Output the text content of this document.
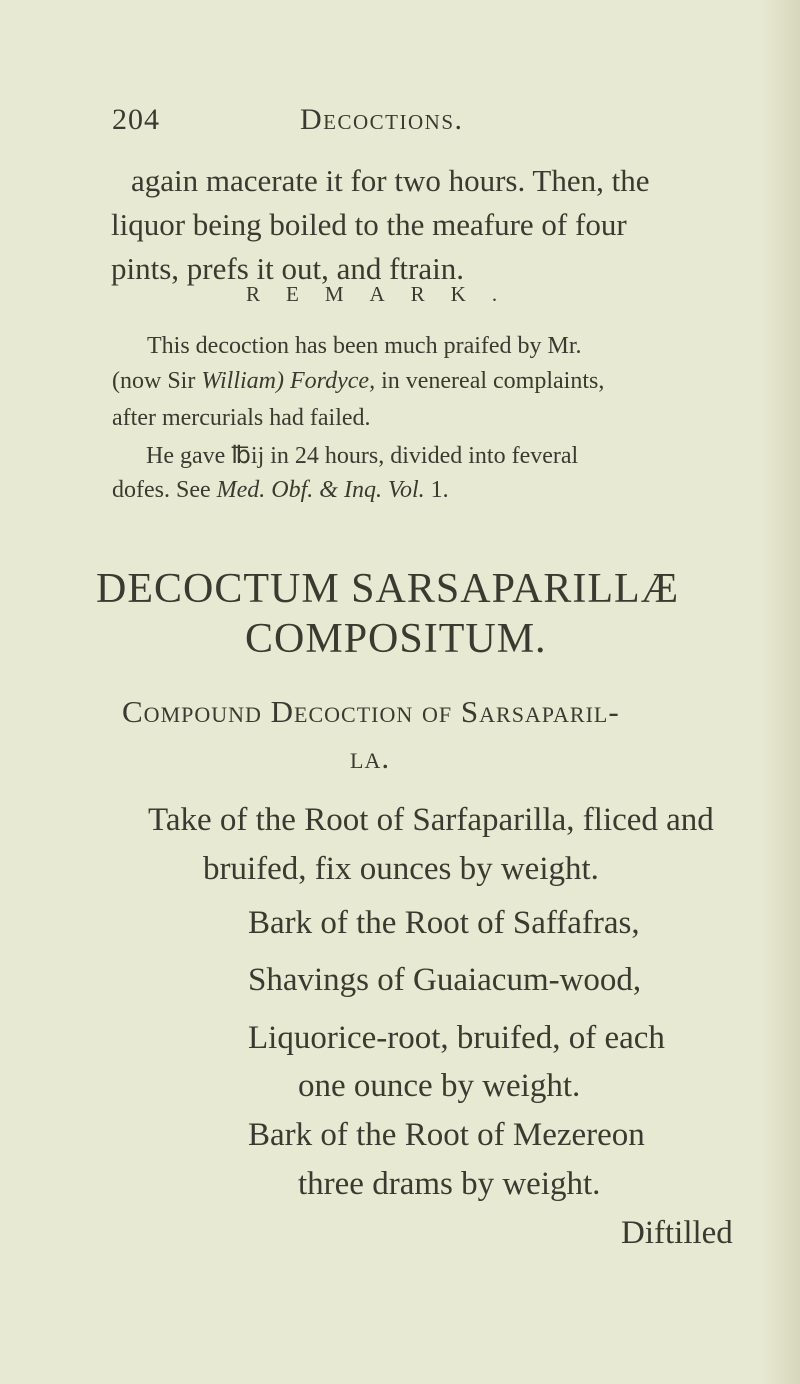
204	Decoctions.
again macerate it for two hours. Then, the
liquor being boiled to the meafure of four
pints, prefs it out, and ftrain.
REMARK.
This decoction has been much praifed by Mr.
(now Sir William) Fordyce, in venereal complaints,
after mercurials had failed.
He gave ℔ij in 24 hours, divided into feveral
dofes. See Med. Obf. & Inq. Vol. 1.
DECOCTUM SARSAPARILLÆ
COMPOSITUM.
Compound Decoction of Sarsaparil-
la.
Take of the Root of Sarfaparilla, fliced and
bruifed, fix ounces by weight.
Bark of the Root of Saffafras,
Shavings of Guaiacum-wood,
Liquorice-root, bruifed, of each
one ounce by weight.
Bark of the Root of Mezereon
three drams by weight.
Diftilled
